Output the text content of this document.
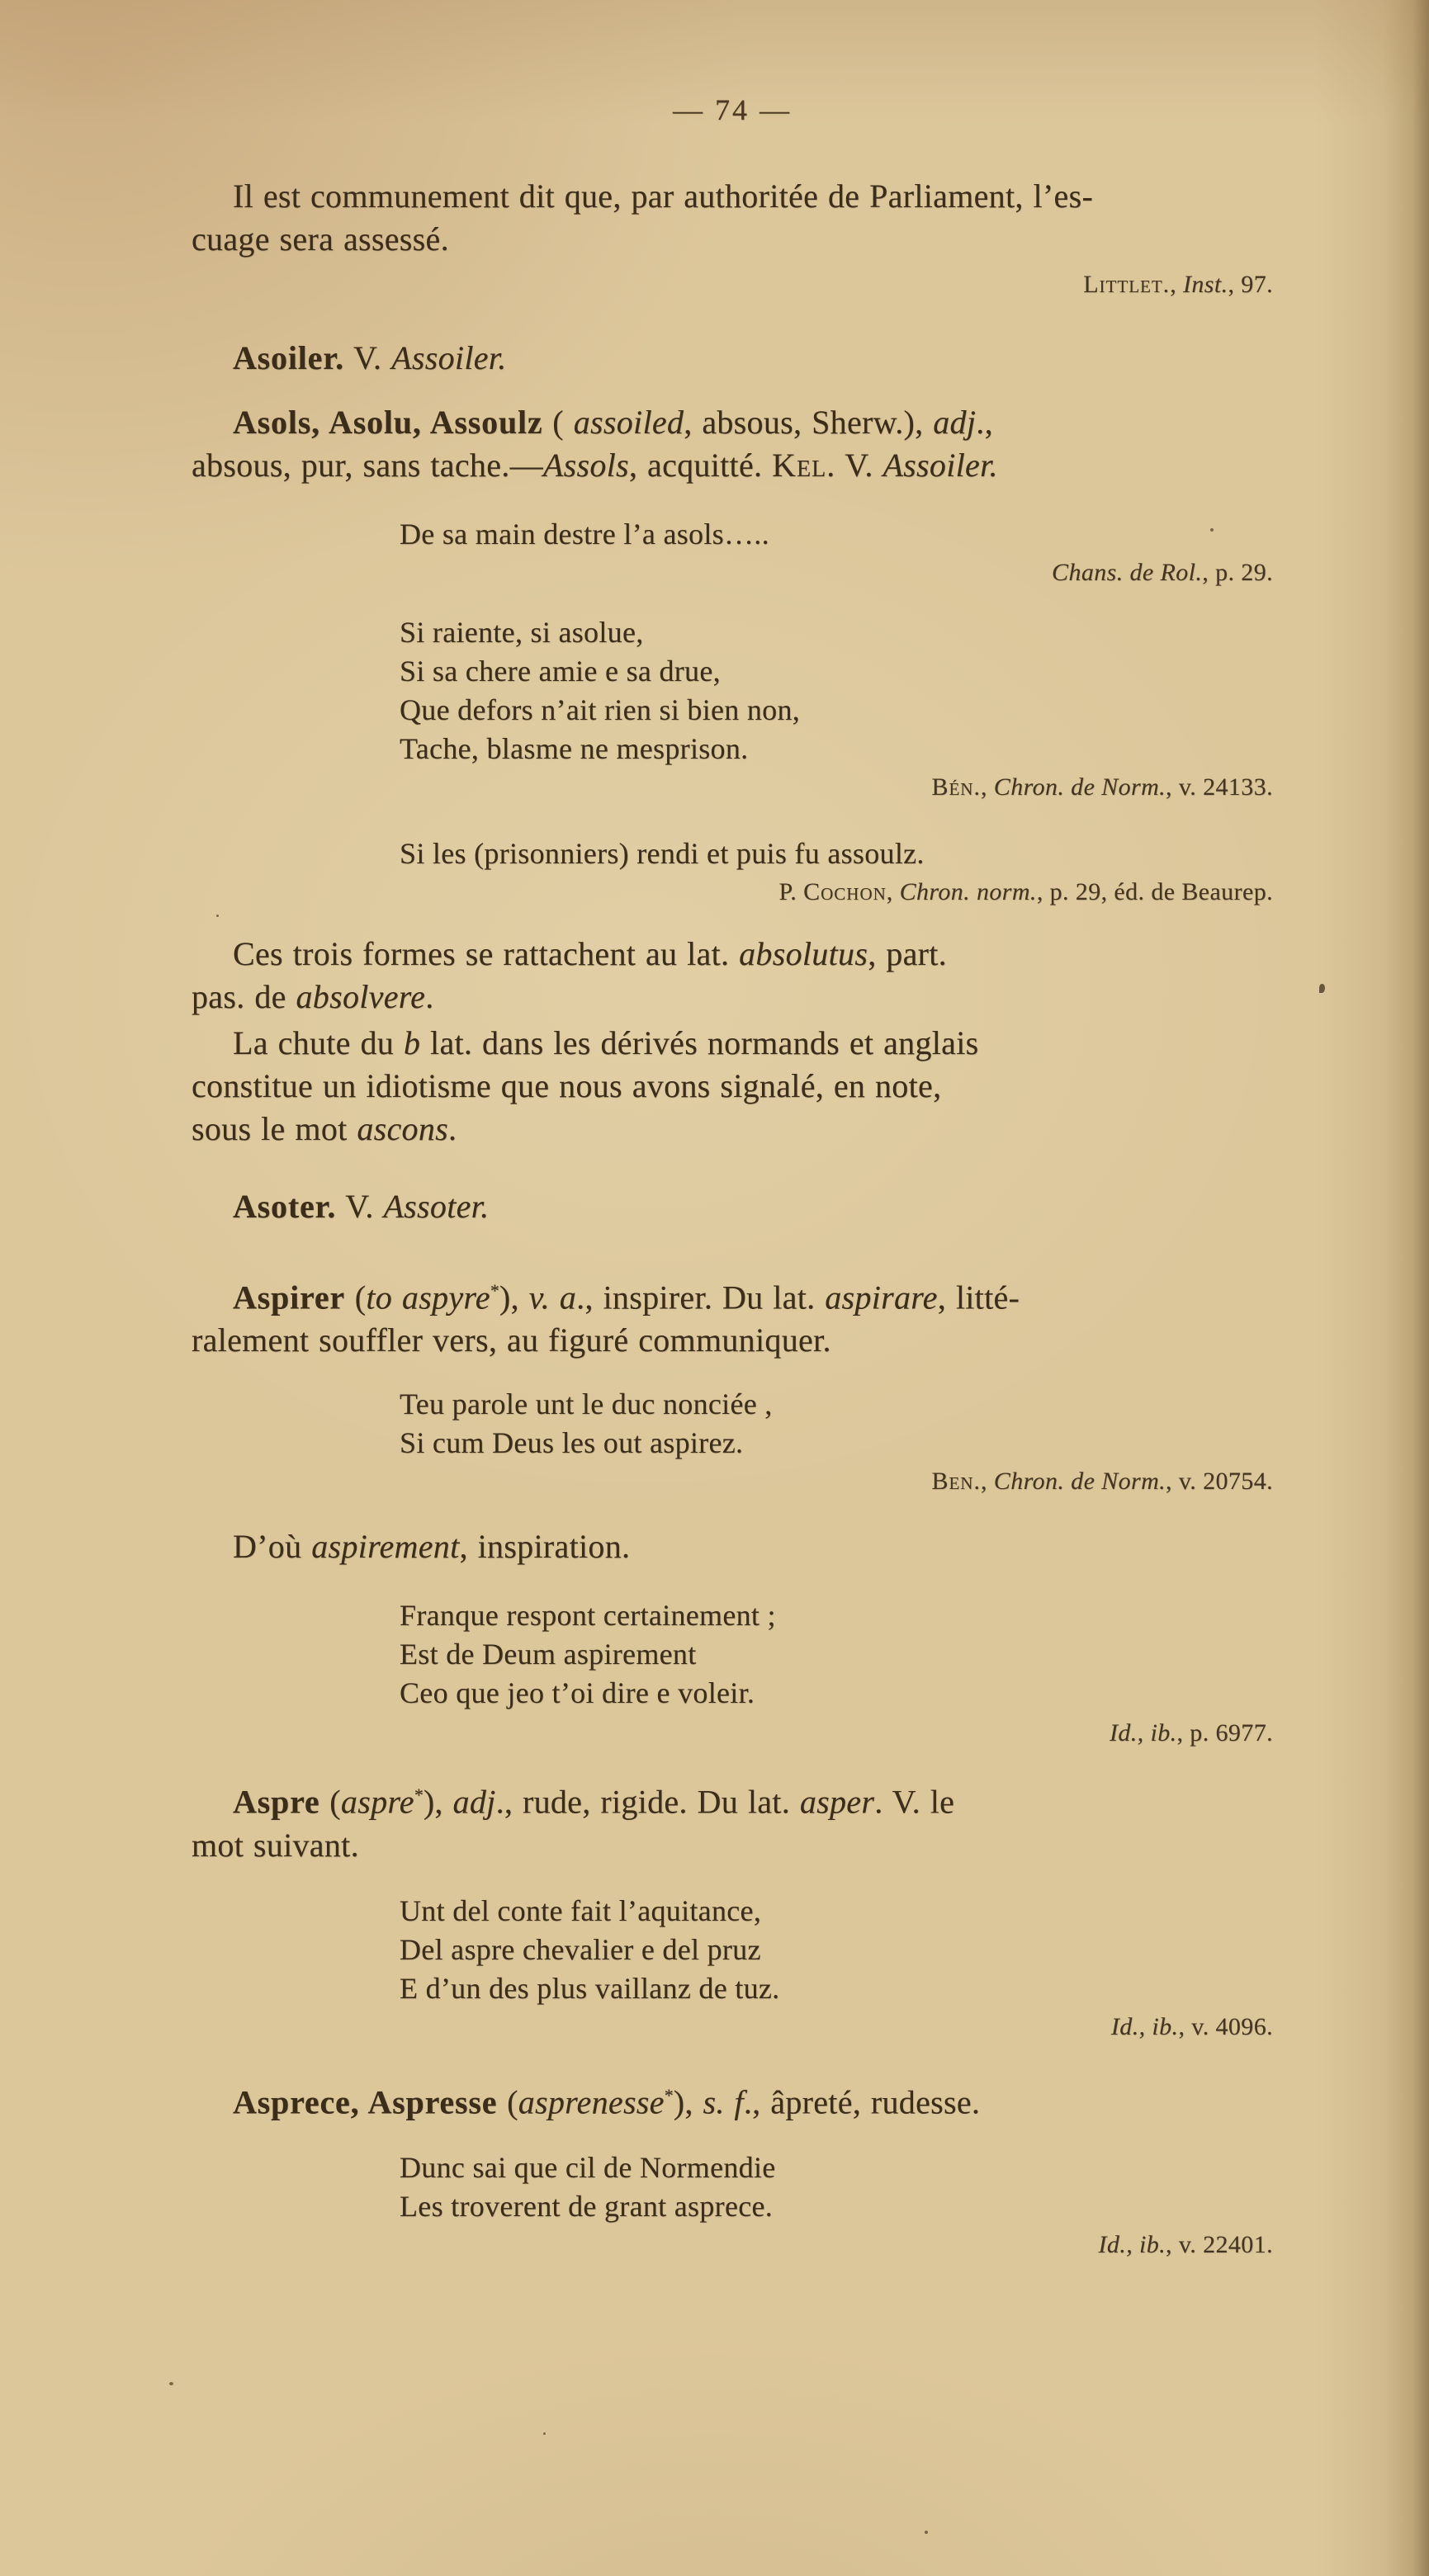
— 74 —
Il est communement dit que, par authoritée de Parliament, l’es-
cuage sera assessé.
Littlet., Inst., 97.
Asoiler. V. Assoiler.
Asols, Asolu, Assoulz ( assoiled, absous, Sherw.), adj.,
absous, pur, sans tache.—Assols, acquitté. Kel. V. Assoiler.
De sa main destre l’a asols…..
Chans. de Rol., p. 29.
Si raiente, si asolue,
Si sa chere amie e sa drue,
Que defors n’ait rien si bien non,
Tache, blasme ne mesprison.
Bén., Chron. de Norm., v. 24133.
Si les (prisonniers) rendi et puis fu assoulz.
P. Cochon, Chron. norm., p. 29, éd. de Beaurep.
Ces trois formes se rattachent au lat. absolutus, part.
pas. de absolvere.
La chute du b lat. dans les dérivés normands et anglais
constitue un idiotisme que nous avons signalé, en note,
sous le mot ascons.
Asoter. V. Assoter.
Aspirer (to aspyre*), v. a., inspirer. Du lat. aspirare, litté-
ralement souffler vers, au figuré communiquer.
Teu parole unt le duc nonciée ,
Si cum Deus les out aspirez.
Ben., Chron. de Norm., v. 20754.
D’où aspirement, inspiration.
Franque respont certainement ;
Est de Deum aspirement
Ceo que jeo t’oi dire e voleir.
Id., ib., p. 6977.
Aspre (aspre*), adj., rude, rigide. Du lat. asper. V. le
mot suivant.
Unt del conte fait l’aquitance,
Del aspre chevalier e del pruz
E d’un des plus vaillanz de tuz.
Id., ib., v. 4096.
Asprece, Aspresse (asprenesse*), s. f., âpreté, rudesse.
Dunc sai que cil de Normendie
Les troverent de grant asprece.
Id., ib., v. 22401.
